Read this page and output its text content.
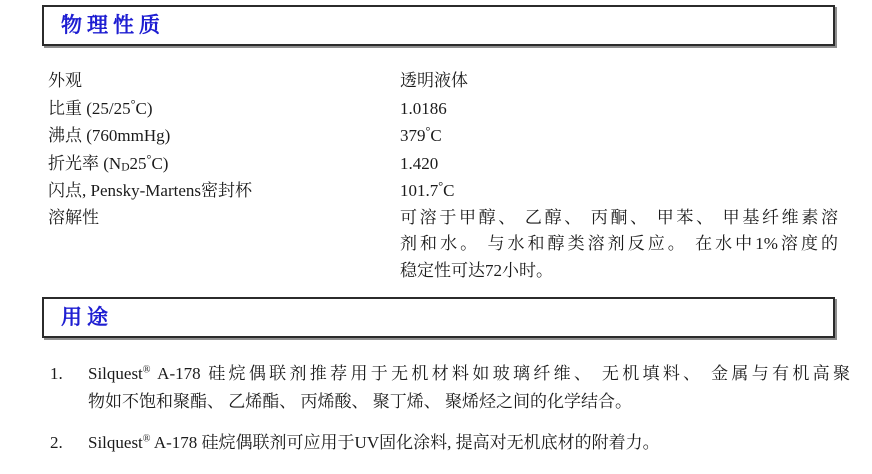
物理性质
外观	透明液体
比重 (25/25°C)	1.0186
沸点 (760mmHg)	379°C
折光率 (ND25°C)	1.420
闪点, Pensky-Martens密封杯	101.7°C
溶解性	可溶于甲醇、 乙醇、 丙酮、 甲苯、 甲基纤维素溶
剂和水。 与水和醇类溶剂反应。 在水中1%溶度的
稳定性可达72小时。
用途
1.	Silquest® A-178 硅烷偶联剂推荐用于无机材料如玻璃纤维、 无机填料、 金属与有机高聚
物如不饱和聚酯、 乙烯酯、 丙烯酸、 聚丁烯、 聚烯烃之间的化学结合。
2.	Silquest® A-178 硅烷偶联剂可应用于UV固化涂料, 提高对无机底材的附着力。
